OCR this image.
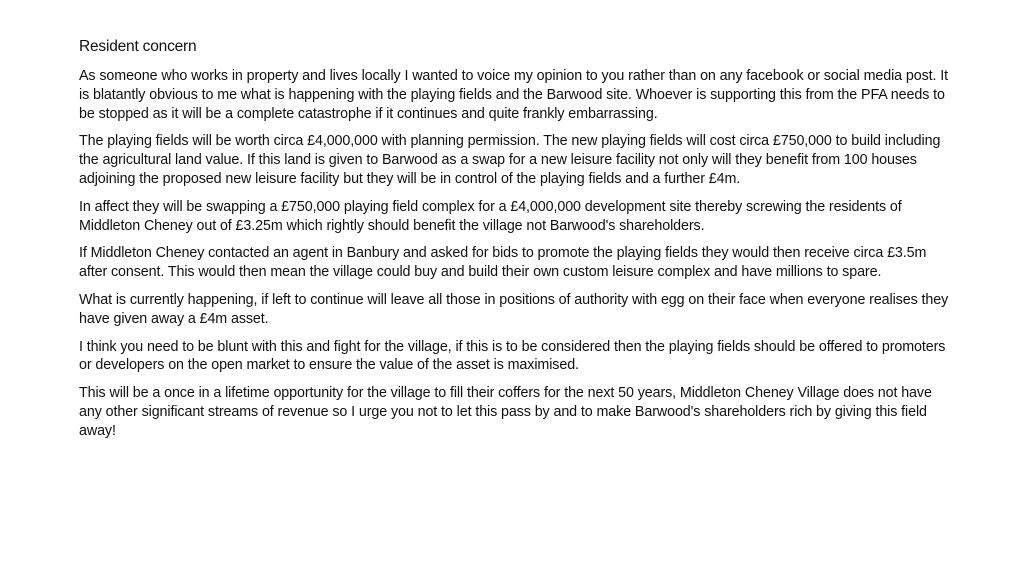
Resident concern

As someone who works in property and lives locally I wanted to voice my opinion to you rather than on any facebook or social media post. It is blatantly obvious to me what is happening with the playing fields and the Barwood site. Whoever is supporting this from the PFA needs to be stopped as it will be a complete catastrophe if it continues and quite frankly embarrassing.

The playing fields will be worth circa £4,000,000 with planning permission. The new playing fields will cost circa £750,000 to build including the agricultural land value. If this land is given to Barwood as a swap for a new leisure facility not only will they benefit from 100 houses adjoining the proposed new leisure facility but they will be in control of the playing fields and a further £4m.

In affect they will be swapping a £750,000 playing field complex for a £4,000,000 development site thereby screwing the residents of Middleton Cheney out of £3.25m which rightly should benefit the village not Barwood's shareholders.

If Middleton Cheney contacted an agent in Banbury and asked for bids to promote the playing fields they would then receive circa £3.5m after consent. This would then mean the village could buy and build their own custom leisure complex and have millions to spare.

What is currently happening, if left to continue will leave all those in positions of authority with egg on their face when everyone realises they have given away a £4m asset.

I think you need to be blunt with this and fight for the village, if this is to be considered then the playing fields should be offered to promoters or developers on the open market to ensure the value of the asset is maximised.

This will be a once in a lifetime opportunity for the village to fill their coffers for the next 50 years, Middleton Cheney Village does not have any other significant streams of revenue so I urge you not to let this pass by and to make Barwood's shareholders rich by giving this field away!
